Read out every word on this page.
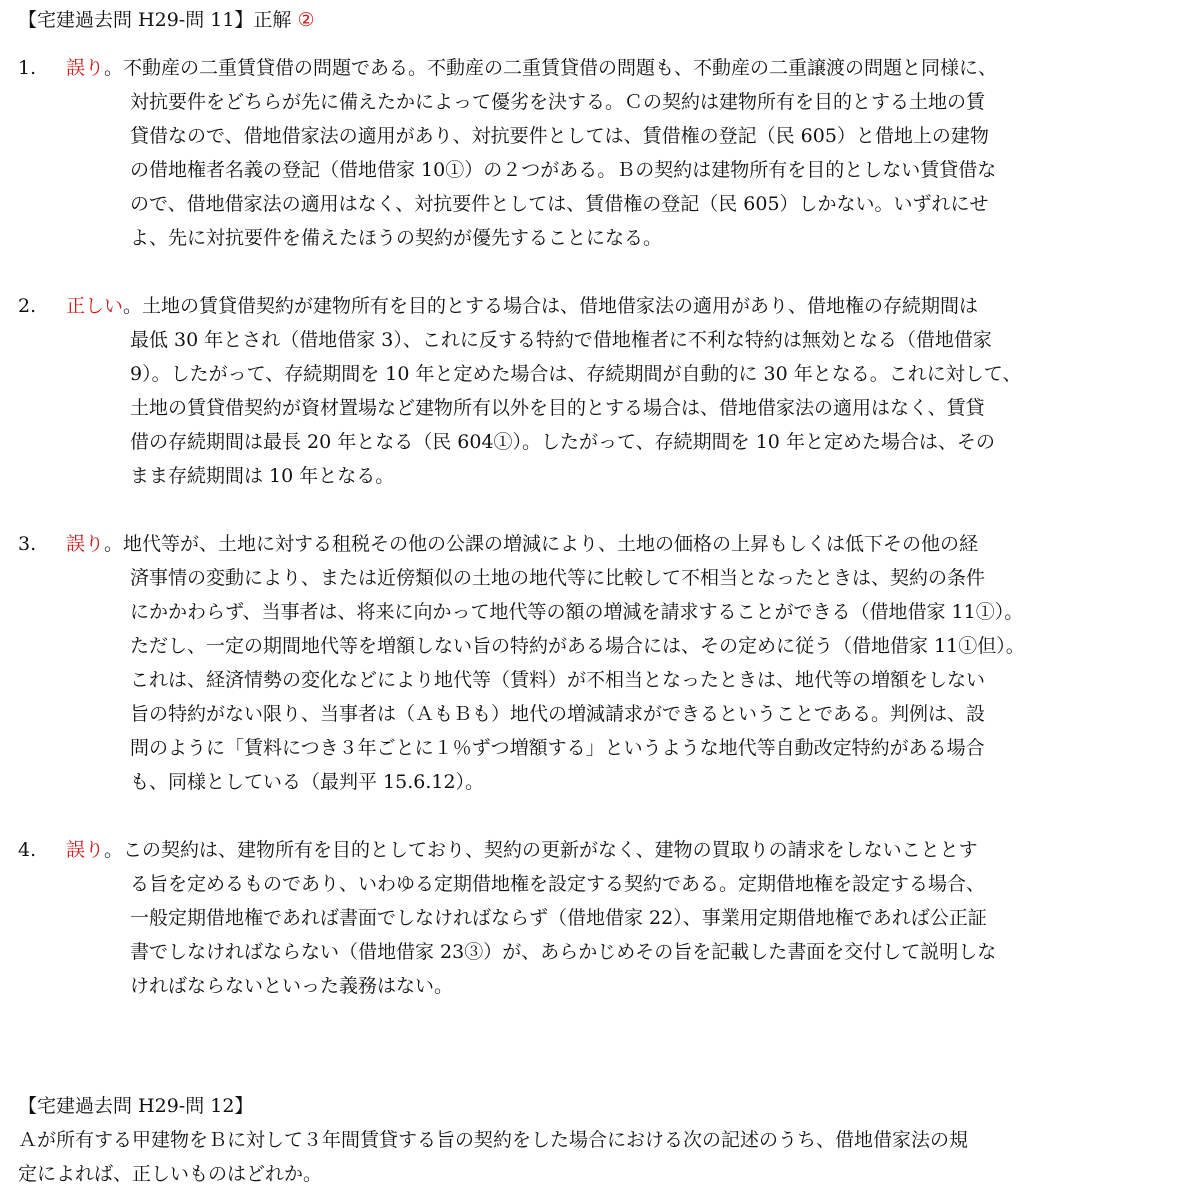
【宅建過去問 H29-問 11】正解 ②
1.	誤り。不動産の二重賃貸借の問題である。不動産の二重賃貸借の問題も、不動産の二重譲渡の問題と同様に、
対抗要件をどちらが先に備えたかによって優劣を決する。Ｃの契約は建物所有を目的とする土地の賃
貸借なので、借地借家法の適用があり、対抗要件としては、賃借権の登記（民 605）と借地上の建物
の借地権者名義の登記（借地借家 10①）の２つがある。Ｂの契約は建物所有を目的としない賃貸借な
ので、借地借家法の適用はなく、対抗要件としては、賃借権の登記（民 605）しかない。いずれにせ
よ、先に対抗要件を備えたほうの契約が優先することになる。
2.	正しい。土地の賃貸借契約が建物所有を目的とする場合は、借地借家法の適用があり、借地権の存続期間は
最低 30 年とされ（借地借家 3）、これに反する特約で借地権者に不利な特約は無効となる（借地借家
9）。したがって、存続期間を 10 年と定めた場合は、存続期間が自動的に 30 年となる。これに対して、
土地の賃貸借契約が資材置場など建物所有以外を目的とする場合は、借地借家法の適用はなく、賃貸
借の存続期間は最長 20 年となる（民 604①）。したがって、存続期間を 10 年と定めた場合は、その
まま存続期間は 10 年となる。
3.	誤り。地代等が、土地に対する租税その他の公課の増減により、土地の価格の上昇もしくは低下その他の経
済事情の変動により、または近傍類似の土地の地代等に比較して不相当となったときは、契約の条件
にかかわらず、当事者は、将来に向かって地代等の額の増減を請求することができる（借地借家 11①）。
ただし、一定の期間地代等を増額しない旨の特約がある場合には、その定めに従う（借地借家 11①但）。
これは、経済情勢の変化などにより地代等（賃料）が不相当となったときは、地代等の増額をしない
旨の特約がない限り、当事者は（ＡもＢも）地代の増減請求ができるということである。判例は、設
問のように「賃料につき３年ごとに１％ずつ増額する」というような地代等自動改定特約がある場合
も、同様としている（最判平 15.6.12）。
4.	誤り。この契約は、建物所有を目的としており、契約の更新がなく、建物の買取りの請求をしないこととす
る旨を定めるものであり、いわゆる定期借地権を設定する契約である。定期借地権を設定する場合、
一般定期借地権であれば書面でしなければならず（借地借家 22）、事業用定期借地権であれば公正証
書でしなければならない（借地借家 23③）が、あらかじめその旨を記載した書面を交付して説明しな
ければならないといった義務はない。
【宅建過去問 H29-問 12】
Ａが所有する甲建物をＢに対して３年間賃貸する旨の契約をした場合における次の記述のうち、借地借家法の規
定によれば、正しいものはどれか。
